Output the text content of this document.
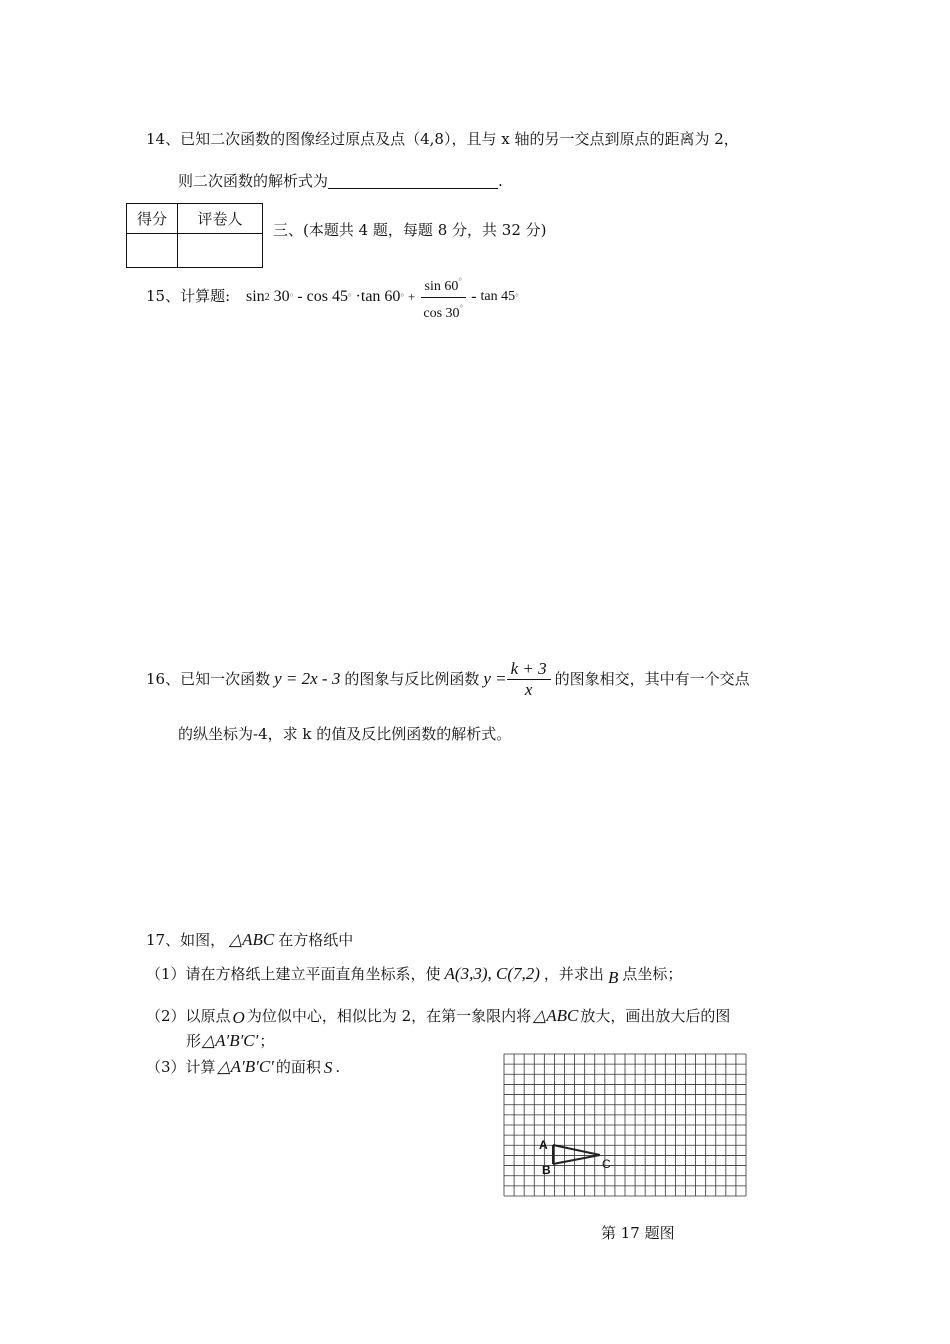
14、已知二次函数的图像经过原点及点（4,8），且与 x 轴的另一交点到原点的距离为 2，
则二次函数的解析式为	.
得分	评卷人

三、(本题共 4 题，每题 8 分，共 32 分)
15、计算题: sin 2
30 °
-
cos 45 °
·tan 60 °
+ $\frac{\sin 60^\circ}{\cos 30^\circ}$ -
tan 45 °
16、已知一次函数 y = 2x - 3 的图象与反比例函数 $y = \frac{k + 3}{x}$ 的图象相交，其中有一个交点
的纵坐标为-4，求 k 的值及反比例函数的解析式。
17、如图， △ABC 在方格纸中
（1）请在方格纸上建立平面直角坐标系，使 A(3,3), C(7,2) ，并求出 B 点坐标；
（2）以原点 O 为位似中心，相似比为 2，在第一象限内将 △ABC 放大，画出放大后的图
形 △A′B′C′ ；
（3）计算 △A′B′C′ 的面积 S .
A
B	C
第 17 题图
